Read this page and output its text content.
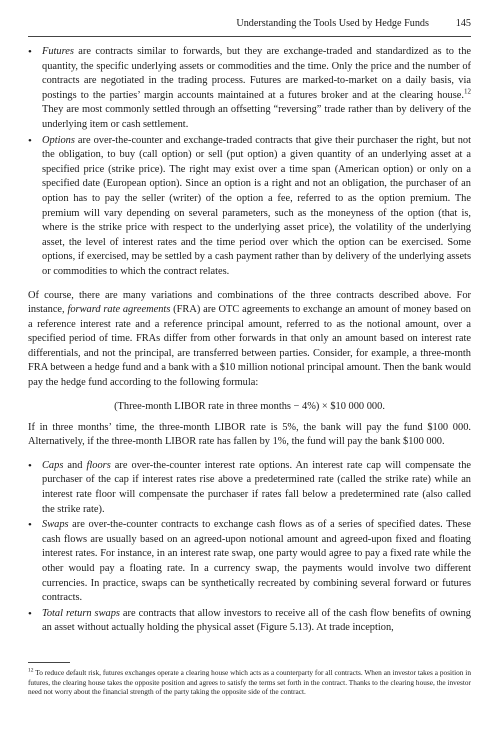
Understanding the Tools Used by Hedge Funds	145
• Futures are contracts similar to forwards, but they are exchange-traded and standardized as to the quantity, the specific underlying assets or commodities and the time. Only the price and the number of contracts are negotiated in the trading process. Futures are marked-to-market on a daily basis, via postings to the parties’ margin accounts maintained at a futures broker and at the clearing house.$^{12}$ They are most commonly settled through an offsetting “reversing” trade rather than by delivery of the underlying item or cash settlement.
• Options are over-the-counter and exchange-traded contracts that give their purchaser the right, but not the obligation, to buy (call option) or sell (put option) a given quantity of an underlying asset at a specified price (strike price). The right may exist over a time span (American option) or only on a specified date (European option). Since an option is a right and not an obligation, the purchaser of an option has to pay the seller (writer) of the option a fee, referred to as the option premium. The premium will vary depending on several parameters, such as the moneyness of the option (that is, where is the strike price with respect to the underlying asset price), the volatility of the underlying asset, the level of interest rates and the time period over which the option can be exercised. Some options, if exercised, may be settled by a cash payment rather than by delivery of the underlying assets or commodities to which the contract relates.

Of course, there are many variations and combinations of the three contracts described above. For instance, forward rate agreements (FRA) are OTC agreements to exchange an amount of money based on a reference interest rate and a reference principal amount, referred to as the notional amount, over a specified period of time. FRAs differ from other forwards in that only an amount based on interest rate differentials, and not the principal, are transferred between parties. Consider, for example, a three-month FRA between a hedge fund and a bank with a $10 million notional principal amount. Then the bank would pay the hedge fund according to the following formula:

(Three-month LIBOR rate in three months − 4%) × $10 000 000.

If in three months’ time, the three-month LIBOR rate is 5%, the bank will pay the fund $100 000. Alternatively, if the three-month LIBOR rate has fallen by 1%, the fund will pay the bank $100 000.

• Caps and floors are over-the-counter interest rate options. An interest rate cap will compensate the purchaser of the cap if interest rates rise above a predetermined rate (called the strike rate) while an interest rate floor will compensate the purchaser if rates fall below a predetermined rate (also called the strike rate).
• Swaps are over-the-counter contracts to exchange cash flows as of a series of specified dates. These cash flows are usually based on an agreed-upon notional amount and agreed-upon fixed and floating interest rates. For instance, in an interest rate swap, one party would agree to pay a fixed rate while the other would pay a floating rate. In a currency swap, the payments would involve two different currencies. In practice, swaps can be synthetically recreated by combining several forward or futures contracts.
• Total return swaps are contracts that allow investors to receive all of the cash flow benefits of owning an asset without actually holding the physical asset (Figure 5.13). At trade inception,
$^{12}$ To reduce default risk, futures exchanges operate a clearing house which acts as a counterparty for all contracts. When an investor takes a position in futures, the clearing house takes the opposite position and agrees to satisfy the terms set forth in the contract. Thanks to the clearing house, the investor need not worry about the financial strength of the party taking the opposite side of the contract.
